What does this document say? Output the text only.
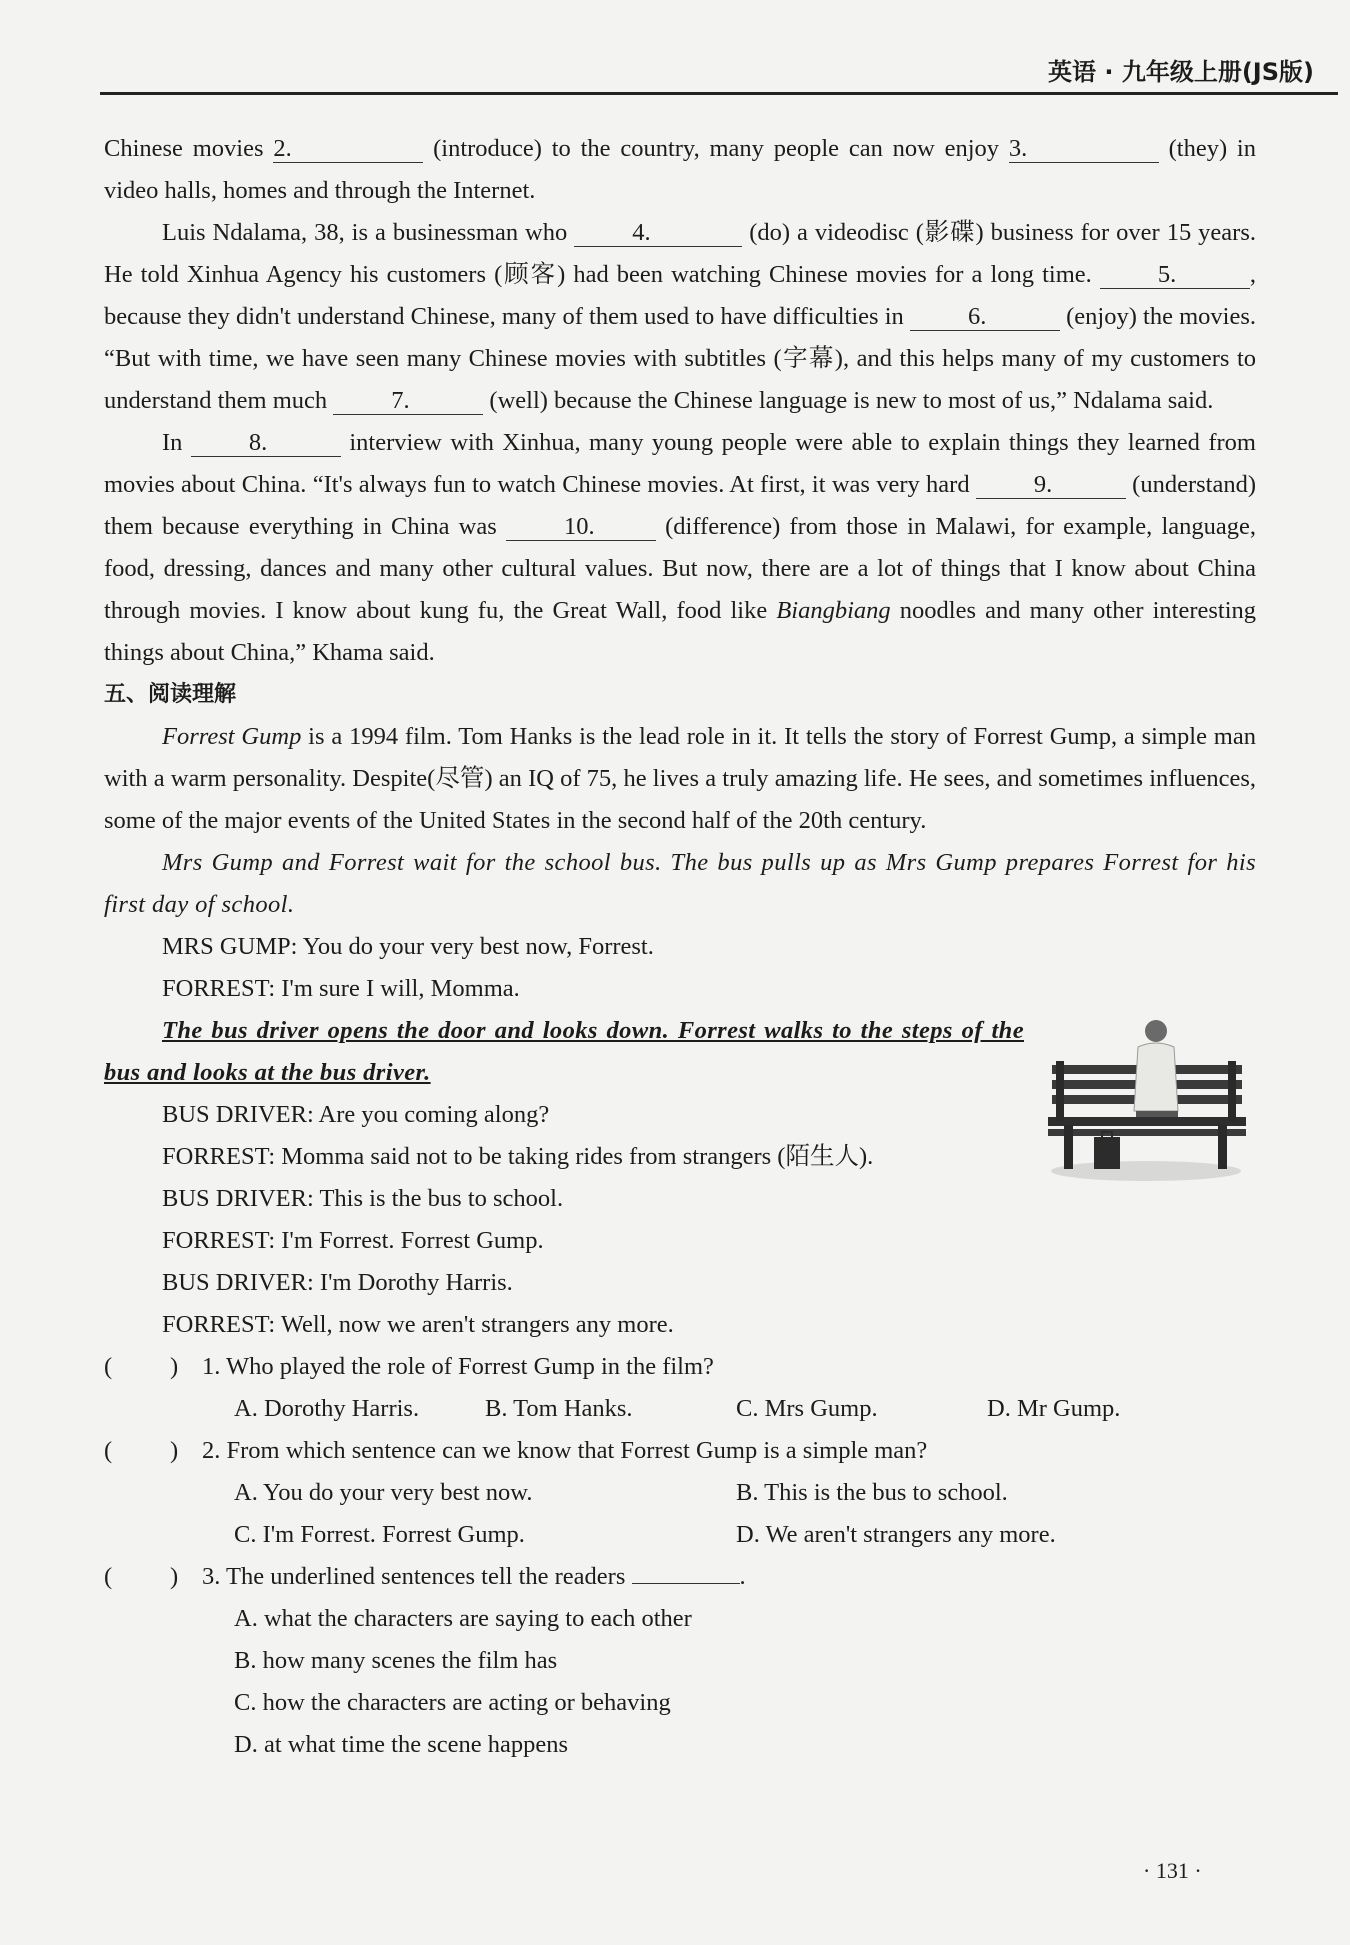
英语 · 九年级上册(JS版)

Chinese movies 2.	(introduce) to the country, many people can now enjoy 3.	(they) in video halls, homes and through the Internet.

Luis Ndalama, 38, is a businessman who 4.	(do) a videodisc (影碟) business for over 15 years. He told Xinhua Agency his customers (顾客) had been watching Chinese movies for a long time. 5.	, because they didn't understand Chinese, many of them used to have difficulties in 6.	(enjoy) the movies. “But with time, we have seen many Chinese movies with subtitles (字幕), and this helps many of my customers to understand them much 7.	(well) because the Chinese language is new to most of us,” Ndalama said.

In 8.	interview with Xinhua, many young people were able to explain things they learned from movies about China. “It's always fun to watch Chinese movies. At first, it was very hard 9.	(understand) them because everything in China was 10.	(difference) from those in Malawi, for example, language, food, dressing, dances and many other cultural values. But now, there are a lot of things that I know about China through movies. I know about kung fu, the Great Wall, food like Biangbiang noodles and many other interesting things about China,” Khama said.

五、阅读理解

Forrest Gump is a 1994 film. Tom Hanks is the lead role in it. It tells the story of Forrest Gump, a simple man with a warm personality. Despite(尽管) an IQ of 75, he lives a truly amazing life. He sees, and sometimes influences, some of the major events of the United States in the second half of the 20th century.

Mrs Gump and Forrest wait for the school bus. The bus pulls up as Mrs Gump prepares Forrest for his first day of school.

MRS GUMP: You do your very best now, Forrest.

FORREST: I'm sure I will, Momma.

The bus driver opens the door and looks down. Forrest walks to the steps of the bus and looks at the bus driver.

BUS DRIVER: Are you coming along?

FORREST: Momma said not to be taking rides from strangers (陌生人).

BUS DRIVER: This is the bus to school.

FORREST: I'm Forrest. Forrest Gump.

BUS DRIVER: I'm Dorothy Harris.

FORREST: Well, now we aren't strangers any more.

( ) 1. Who played the role of Forrest Gump in the film?

A. Dorothy Harris.	B. Tom Hanks.	C. Mrs Gump.	D. Mr Gump.

( ) 2. From which sentence can we know that Forrest Gump is a simple man?

A. You do your very best now.	B. This is the bus to school.
C. I'm Forrest. Forrest Gump.	D. We aren't strangers any more.

( ) 3. The underlined sentences tell the readers	.

A. what the characters are saying to each other

B. how many scenes the film has

C. how the characters are acting or behaving

D. at what time the scene happens

· 131 ·
